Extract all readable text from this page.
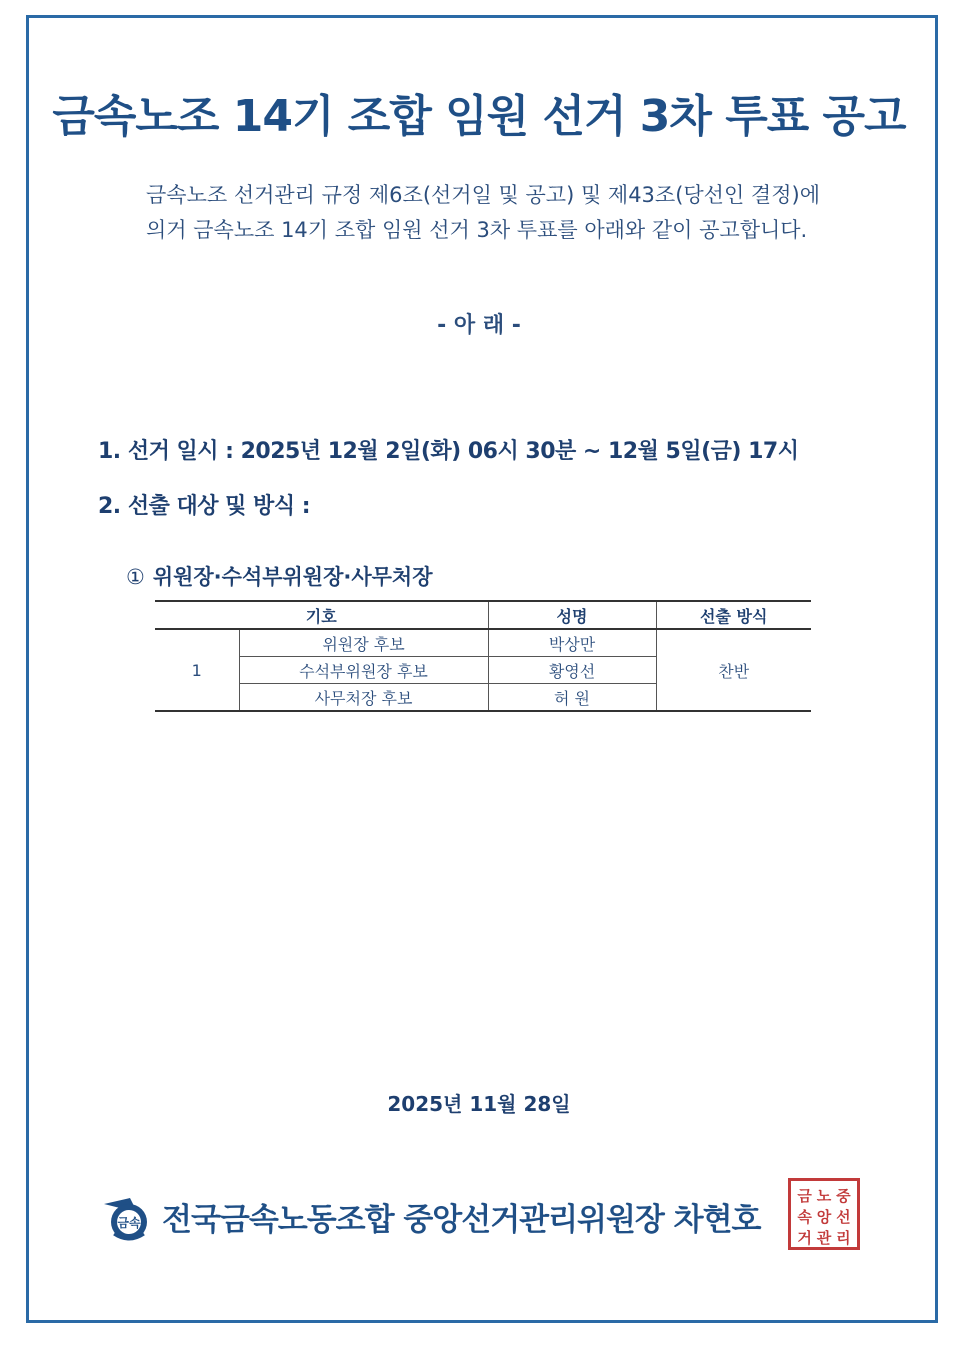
금속노조 14기 조합 임원 선거 3차 투표 공고
금속노조 선거관리 규정 제6조(선거일 및 공고) 및 제43조(당선인 결정)에
의거 금속노조 14기 조합 임원 선거 3차 투표를 아래와 같이 공고합니다.
- 아 래 -
1. 선거 일시 : 2025년 12월 2일(화) 06시 30분 ~ 12월 5일(금) 17시
2. 선출 대상 및 방식 :
① 위원장·수석부위원장·사무처장
기호		성명	선출 방식
1	위원장 후보	박상만	찬반
	수석부위원장 후보	황영선	
	사무처장 후보	허 원	
2025년 11월 28일
금속 전국금속노동조합 중앙선거관리위원장 차현호
금 노 중
속 앙 선
거 관 리
